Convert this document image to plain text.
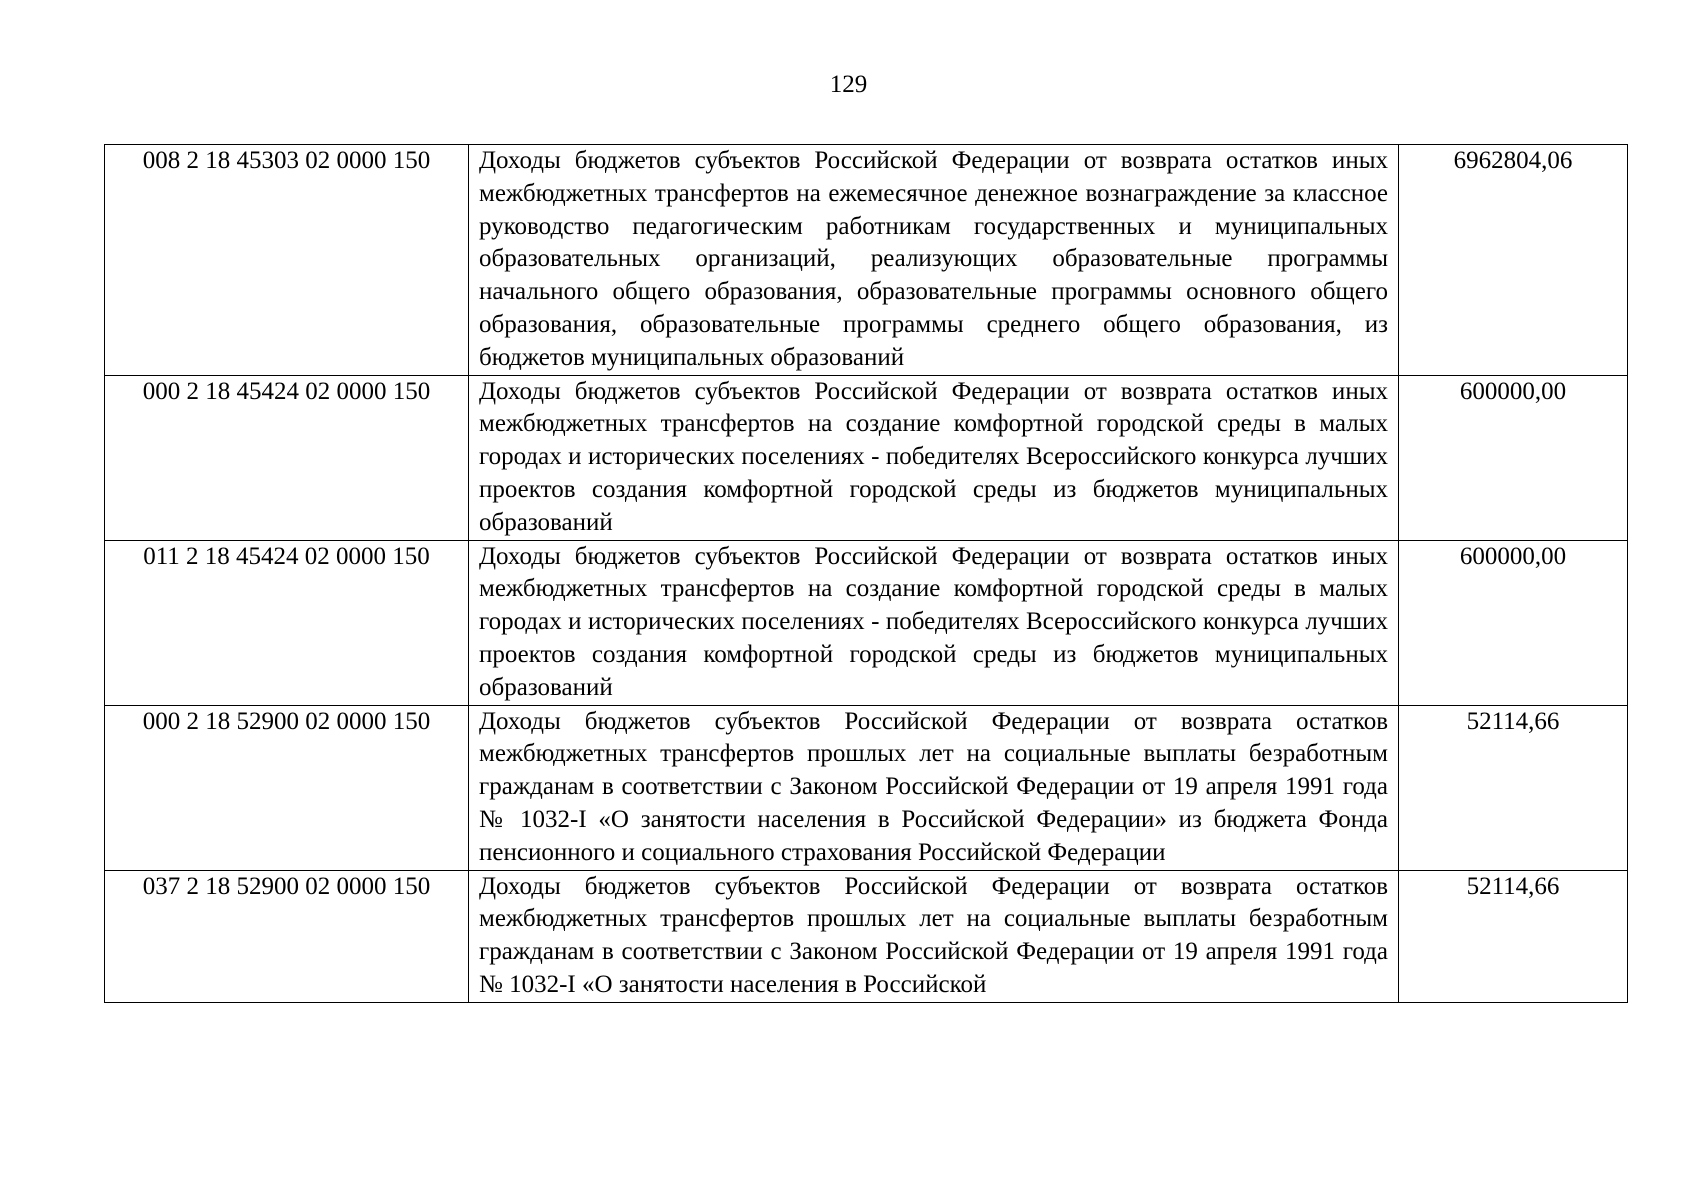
129
008 2 18 45303 02 0000 150	Доходы бюджетов субъектов Российской Федерации от возврата остатков иных межбюджетных трансфертов на ежемесячное денежное вознаграждение за классное руководство педагогическим работникам государственных и муниципальных образовательных организаций, реализующих образовательные программы начального общего образования, образовательные программы основного общего образования, образовательные программы среднего общего образования, из бюджетов муниципальных образований	6962804,06
000 2 18 45424 02 0000 150	Доходы бюджетов субъектов Российской Федерации от возврата остатков иных межбюджетных трансфертов на создание комфортной городской среды в малых городах и исторических поселениях - победителях Всероссийского конкурса лучших проектов создания комфортной городской среды из бюджетов муниципальных образований	600000,00
011 2 18 45424 02 0000 150	Доходы бюджетов субъектов Российской Федерации от возврата остатков иных межбюджетных трансфертов на создание комфортной городской среды в малых городах и исторических поселениях - победителях Всероссийского конкурса лучших проектов создания комфортной городской среды из бюджетов муниципальных образований	600000,00
000 2 18 52900 02 0000 150	Доходы бюджетов субъектов Российской Федерации от возврата остатков межбюджетных трансфертов прошлых лет на социальные выплаты безработным гражданам в соответствии с Законом Российской Федерации от 19 апреля 1991 года № 1032-I «О занятости населения в Российской Федерации» из бюджета Фонда пенсионного и социального страхования Российской Федерации	52114,66
037 2 18 52900 02 0000 150	Доходы бюджетов субъектов Российской Федерации от возврата остатков межбюджетных трансфертов прошлых лет на социальные выплаты безработным гражданам в соответствии с Законом Российской Федерации от 19 апреля 1991 года № 1032-I «О занятости населения в Российской	52114,66
